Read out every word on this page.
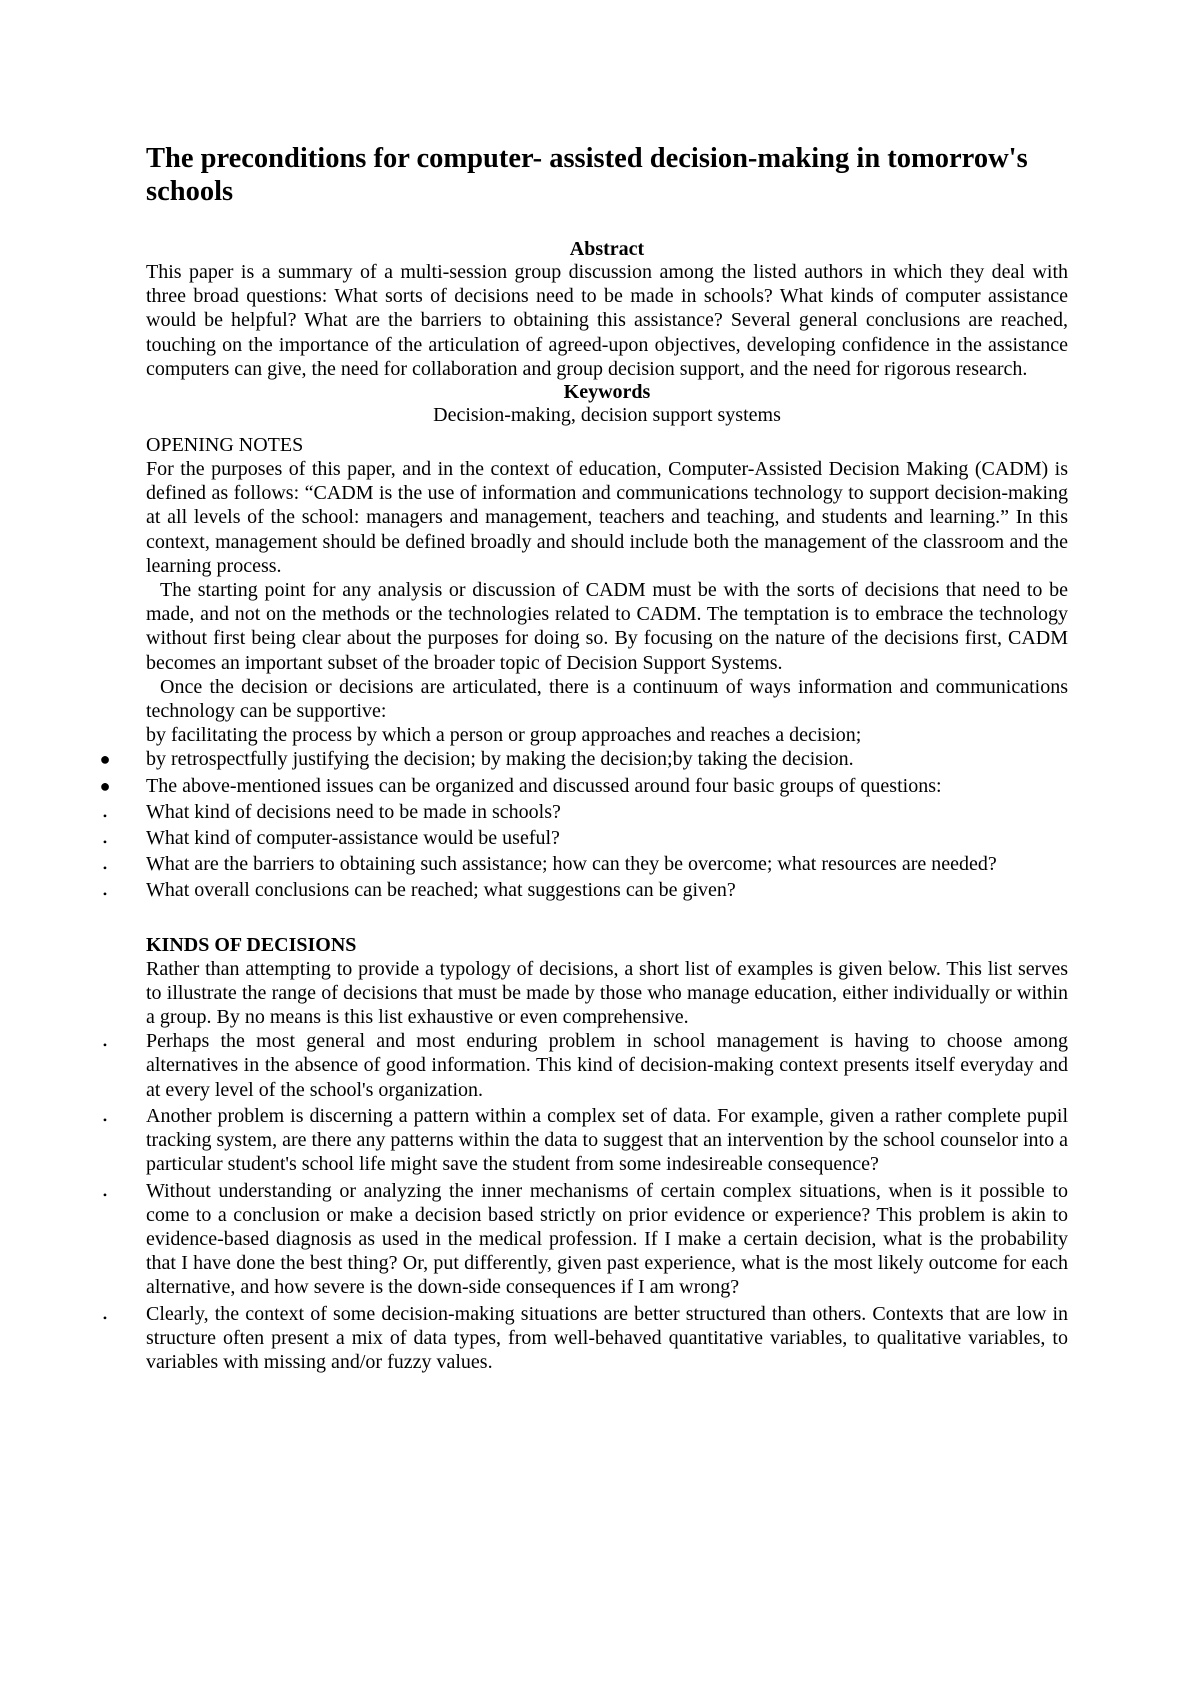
The preconditions for computer- assisted decision-making in tomorrow's schools
Abstract

This paper is a summary of a multi-session group discussion among the listed authors in which they deal with three broad questions: What sorts of decisions need to be made in schools? What kinds of computer assistance would be helpful? What are the barriers to obtaining this assistance? Several general conclusions are reached, touching on the importance of the articulation of agreed-upon objectives, developing confidence in the assistance computers can give, the need for collaboration and group decision support, and the need for rigorous research.

Keywords

Decision-making, decision support systems

OPENING NOTES

For the purposes of this paper, and in the context of education, Computer-Assisted Decision Making (CADM) is defined as follows: “CADM is the use of information and communications technology to support decision-making at all levels of the school: managers and management, teachers and teaching, and students and learning.” In this context, management should be defined broadly and should include both the management of the classroom and the learning process.

The starting point for any analysis or discussion of CADM must be with the sorts of decisions that need to be made, and not on the methods or the technologies related to CADM. The temptation is to embrace the technology without first being clear about the purposes for doing so. By focusing on the nature of the decisions first, CADM becomes an important subset of the broader topic of Decision Support Systems.

Once the decision or decisions are articulated, there is a continuum of ways information and communications technology can be supportive:

by facilitating the process by which a person or group approaches and reaches a decision;

● by retrospectfully justifying the decision; by making the decision;by taking the decision.
● The above-mentioned issues can be organized and discussed around four basic groups of questions:
• What kind of decisions need to be made in schools?
• What kind of computer-assistance would be useful?
• What are the barriers to obtaining such assistance; how can they be overcome; what resources are needed?
• What overall conclusions can be reached; what suggestions can be given?
KINDS OF DECISIONS

Rather than attempting to provide a typology of decisions, a short list of examples is given below. This list serves to illustrate the range of decisions that must be made by those who manage education, either individually or within a group. By no means is this list exhaustive or even comprehensive.

• Perhaps the most general and most enduring problem in school management is having to choose among alternatives in the absence of good information. This kind of decision-making context presents itself everyday and at every level of the school's organization.
• Another problem is discerning a pattern within a complex set of data. For example, given a rather complete pupil tracking system, are there any patterns within the data to suggest that an intervention by the school counselor into a particular student's school life might save the student from some indesireable consequence?
• Without understanding or analyzing the inner mechanisms of certain complex situations, when is it possible to come to a conclusion or make a decision based strictly on prior evidence or experience? This problem is akin to evidence-based diagnosis as used in the medical profession. If I make a certain decision, what is the probability that I have done the best thing? Or, put differently, given past experience, what is the most likely outcome for each alternative, and how severe is the down-side consequences if I am wrong?
• Clearly, the context of some decision-making situations are better structured than others. Contexts that are low in structure often present a mix of data types, from well-behaved quantitative variables, to qualitative variables, to variables with missing and/or fuzzy values.
